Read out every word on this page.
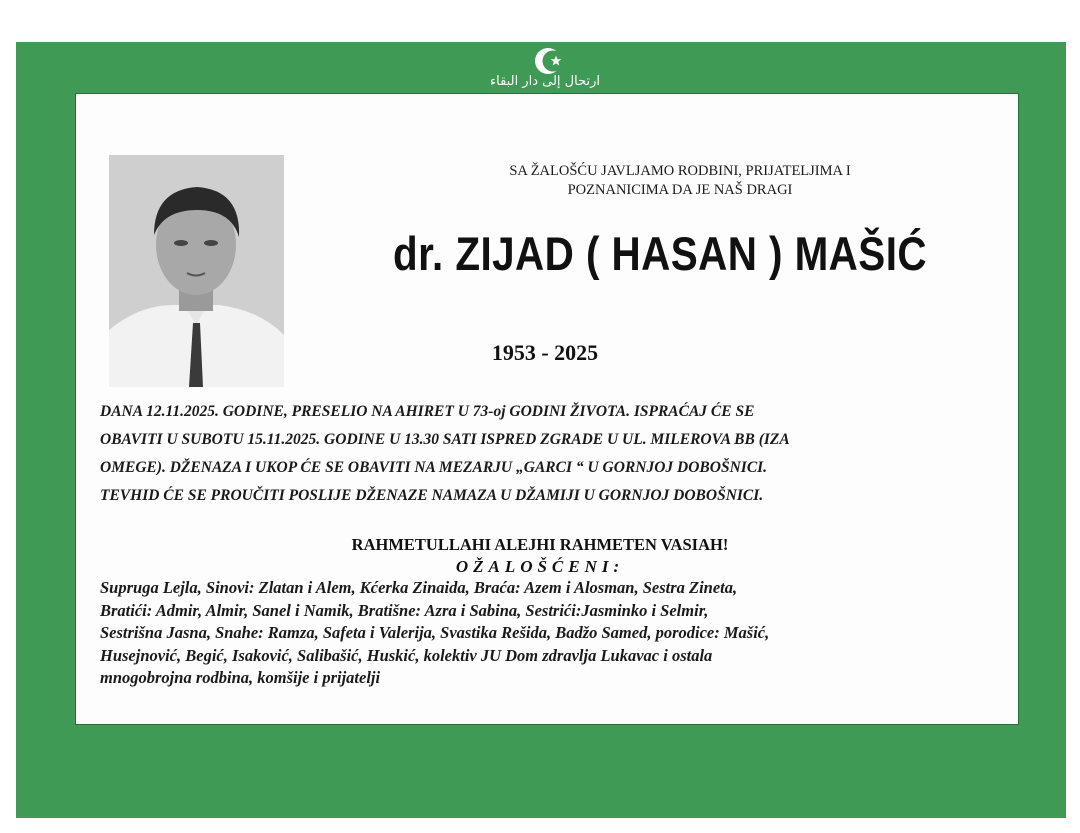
ارتحال إلى دار البقاء
SA ŽALOŠĆU JAVLJAMO RODBINI, PRIJATELJIMA I
POZNANICIMA DA JE NAŠ DRAGI
dr. ZIJAD ( HASAN ) MAŠIĆ
1953 - 2025
DANA 12.11.2025. GODINE, PRESELIO NA AHIRET U 73-oj GODINI ŽIVOTA. ISPRAĆAJ ĆE SE
OBAVITI U SUBOTU 15.11.2025. GODINE U 13.30 SATI ISPRED ZGRADE U UL. MILEROVA BB (IZA
OMEGE). DŽENAZA I UKOP ĆE SE OBAVITI NA MEZARJU „GARCI “ U GORNJOJ DOBOŠNICI.
TEVHID ĆE SE PROUČITI POSLIJE DŽENAZE NAMAZA U DŽAMIJI U GORNJOJ DOBOŠNICI.
RAHMETULLAHI ALEJHI RAHMETEN VASIAH!
OŽALOŠĆENI:
Supruga Lejla, Sinovi: Zlatan i Alem, Kćerka Zinaida, Braća: Azem i Alosman, Sestra Zineta,
Bratići: Admir, Almir, Sanel i Namik, Bratišne: Azra i Sabina, Sestrići:Jasminko i Selmir,
Sestrišna Jasna, Snahe: Ramza, Safeta i Valerija, Svastika Rešida, Badžo Samed, porodice: Mašić,
Husejnović, Begić, Isaković, Salibašić, Huskić, kolektiv JU Dom zdravlja Lukavac i ostala
mnogobrojna rodbina, komšije i prijatelji
